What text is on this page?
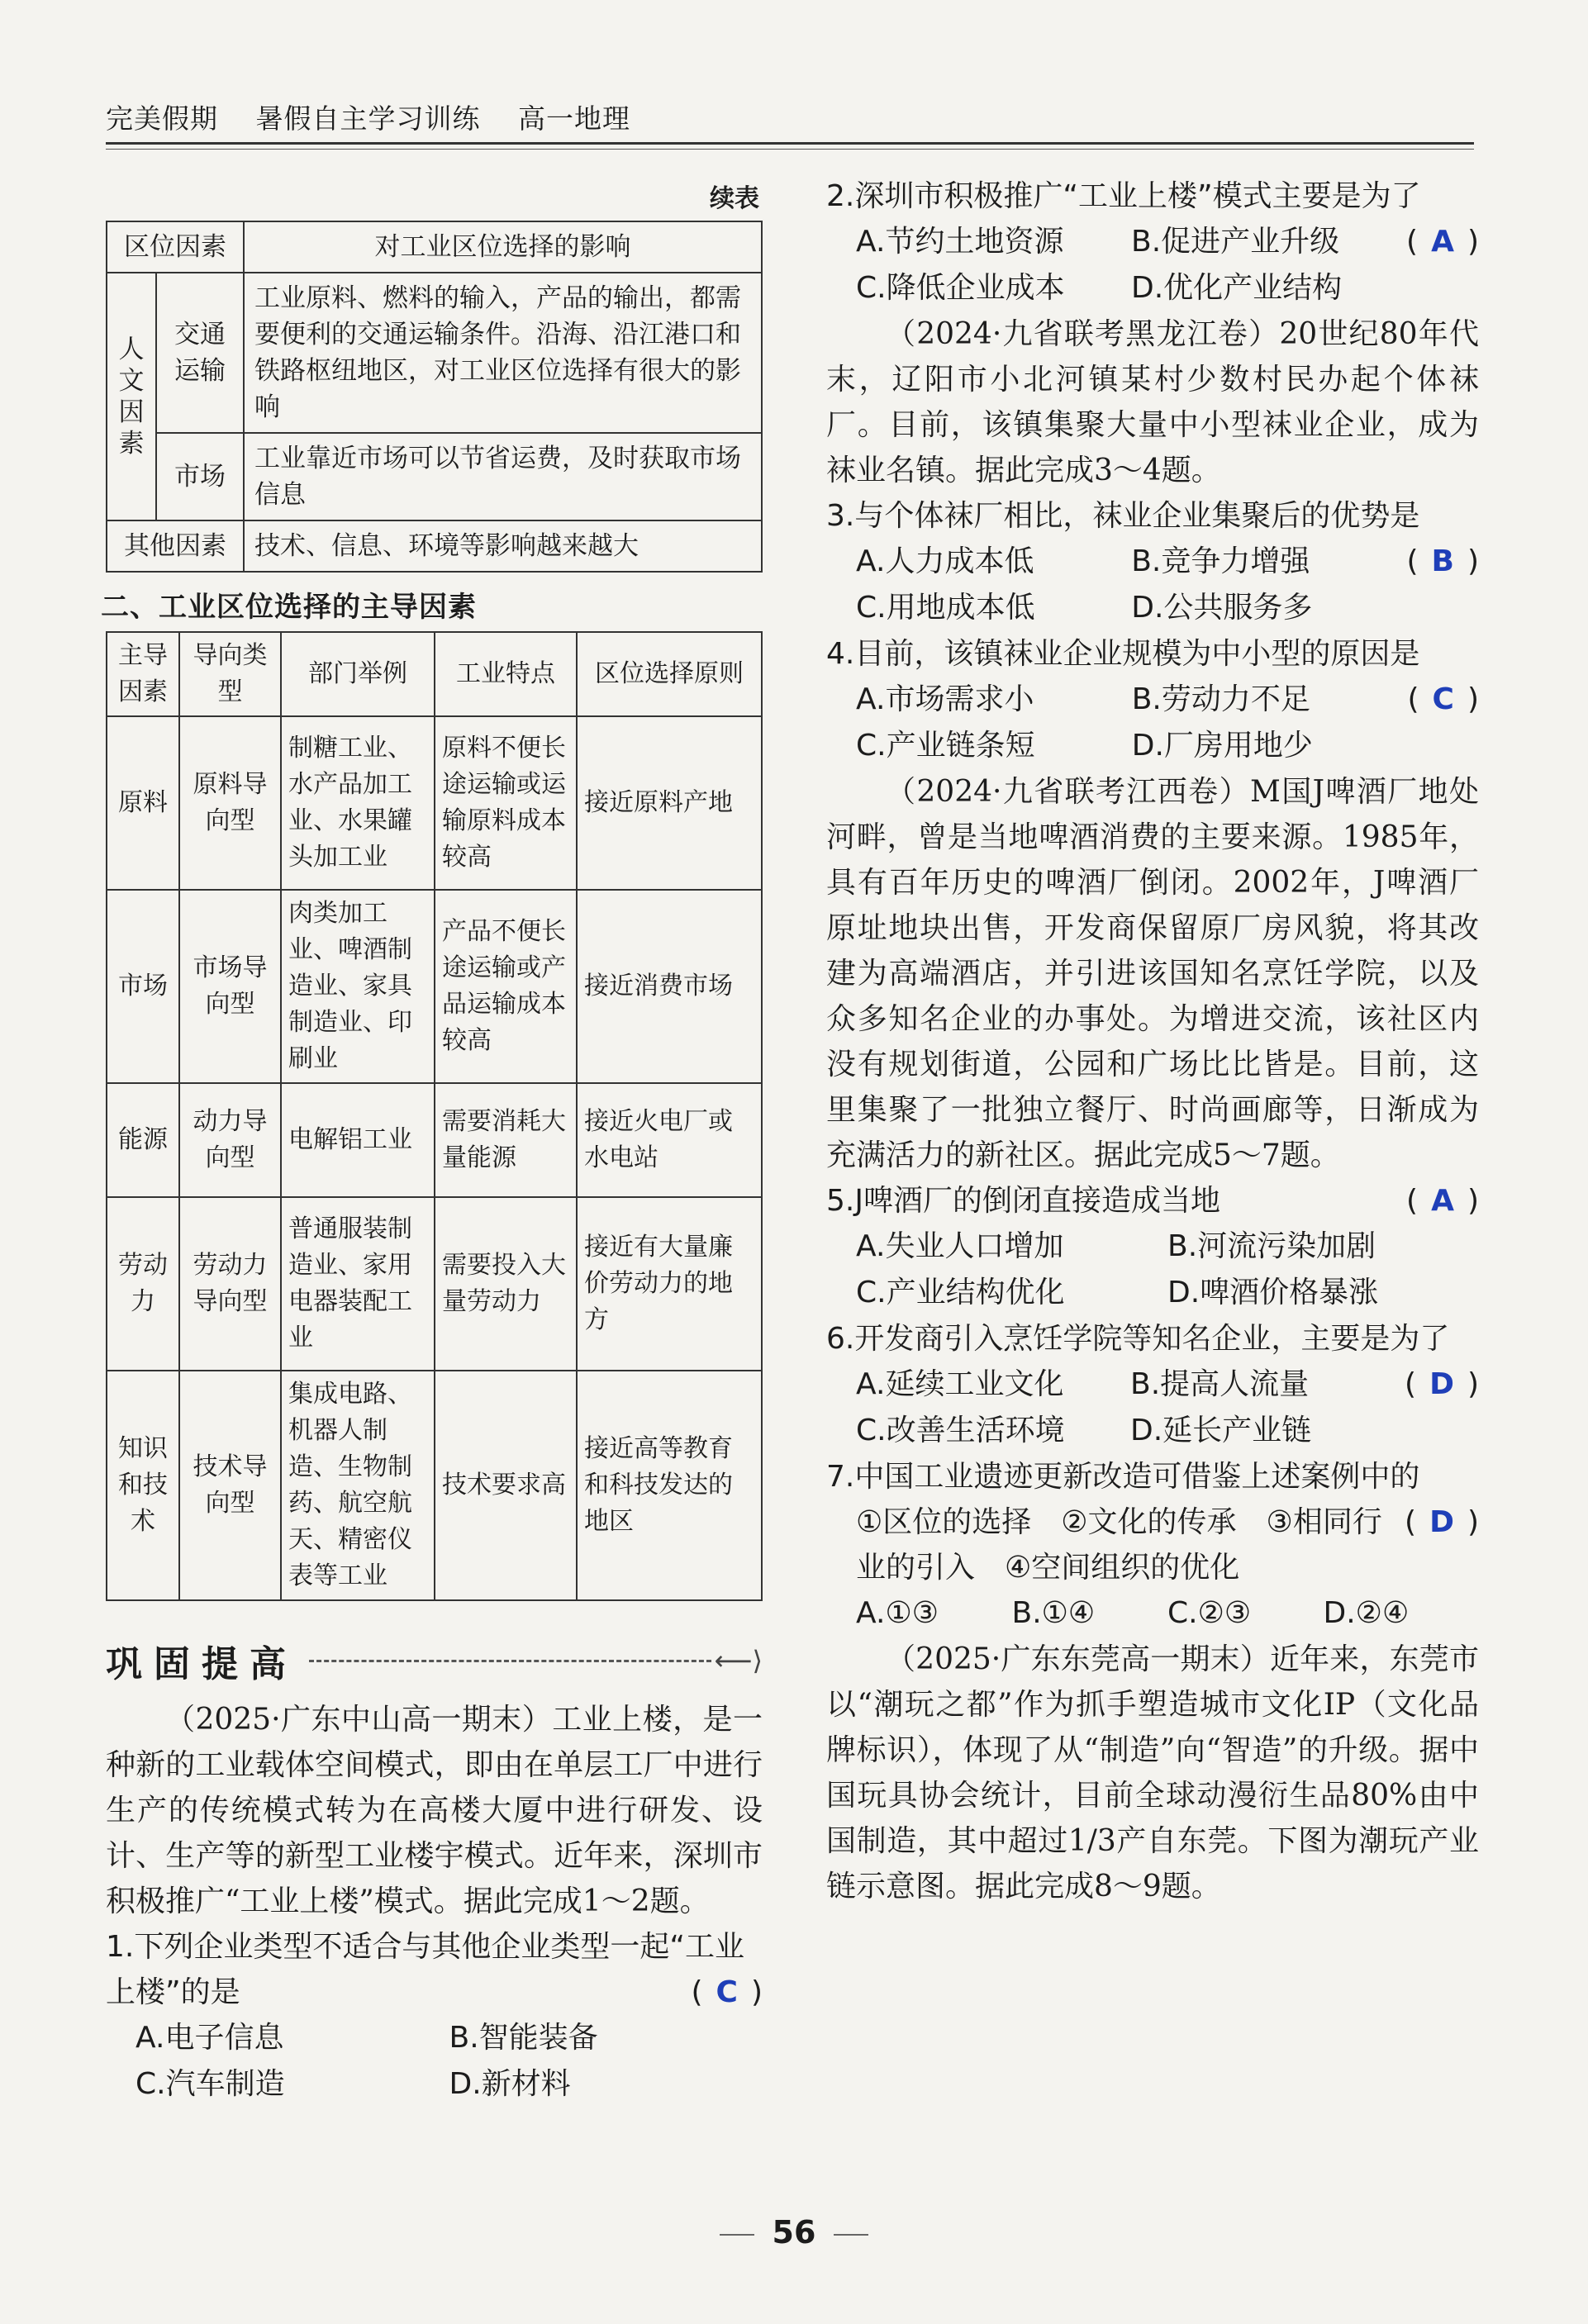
完美假期 暑假自主学习训练 高一地理
续表
区位因素		对工业区位选择的影响
人文因素	交通运输	工业原料、燃料的输入，产品的输出，都需要便利的交通运输条件。沿海、沿江港口和铁路枢纽地区，对工业区位选择有很大的影响
	市场	工业靠近市场可以节省运费，及时获取市场信息
其他因素		技术、信息、环境等影响越来越大
二、工业区位选择的主导因素
主导因素	导向类型	部门举例	工业特点	区位选择原则
原料	原料导向型	制糖工业、水产品加工业、水果罐头加工业	原料不便长途运输或运输原料成本较高	接近原料产地
市场	市场导向型	肉类加工业、啤酒制造业、家具制造业、印刷业	产品不便长途运输或产品运输成本较高	接近消费市场
能源	动力导向型	电解铝工业	需要消耗大量能源	接近火电厂或水电站
劳动力	劳动力导向型	普通服装制造业、家用电器装配工业	需要投入大量劳动力	接近有大量廉价劳动力的地方
知识和技术	技术导向型	集成电路、机器人制造、生物制药、航空航天、精密仪表等工业	技术要求高	接近高等教育和科技发达的地区
巩固提高	⟵⟩

（2025·广东中山高一期末）工业上楼，是一种新的工业载体空间模式，即由在单层工厂中进行生产的传统模式转为在高楼大厦中进行研发、设计、生产等的新型工业楼宇模式。近年来，深圳市积极推广“工业上楼”模式。据此完成1～2题。

1.下列企业类型不适合与其他企业类型一起“工业上楼”的是	( C )
A.电子信息	B.智能装备
C.汽车制造	D.新材料
2.深圳市积极推广“工业上楼”模式主要是为了
( A )
A.节约土地资源	B.促进产业升级
C.降低企业成本	D.优化产业结构

（2024·九省联考黑龙江卷）20世纪80年代末，辽阳市小北河镇某村少数村民办起个体袜厂。目前，该镇集聚大量中小型袜业企业，成为袜业名镇。据此完成3～4题。

3.与个体袜厂相比，袜业企业集聚后的优势是
( B )
A.人力成本低	B.竞争力增强
C.用地成本低	D.公共服务多
4.目前，该镇袜业企业规模为中小型的原因是
( C )
A.市场需求小	B.劳动力不足
C.产业链条短	D.厂房用地少

（2024·九省联考江西卷）M国J啤酒厂地处河畔，曾是当地啤酒消费的主要来源。1985年，具有百年历史的啤酒厂倒闭。2002年，J啤酒厂原址地块出售，开发商保留原厂房风貌，将其改建为高端酒店，并引进该国知名烹饪学院，以及众多知名企业的办事处。为增进交流，该社区内没有规划街道，公园和广场比比皆是。目前，这里集聚了一批独立餐厅、时尚画廊等，日渐成为充满活力的新社区。据此完成5～7题。

5.J啤酒厂的倒闭直接造成当地	( A )
A.失业人口增加	B.河流污染加剧
C.产业结构优化	D.啤酒价格暴涨
6.开发商引入烹饪学院等知名企业，主要是为了
( D )
A.延续工业文化	B.提高人流量
C.改善生活环境	D.延长产业链
7.中国工业遗迹更新改造可借鉴上述案例中的
( D )
①区位的选择　②文化的传承　③相同行业的引入　④空间组织的优化
A.①③	B.①④	C.②③	D.②④

（2025·广东东莞高一期末）近年来，东莞市以“潮玩之都”作为抓手塑造城市文化IP（文化品牌标识），体现了从“制造”向“智造”的升级。据中国玩具协会统计，目前全球动漫衍生品80%由中国制造，其中超过1/3产自东莞。下图为潮玩产业链示意图。据此完成8～9题。

56
